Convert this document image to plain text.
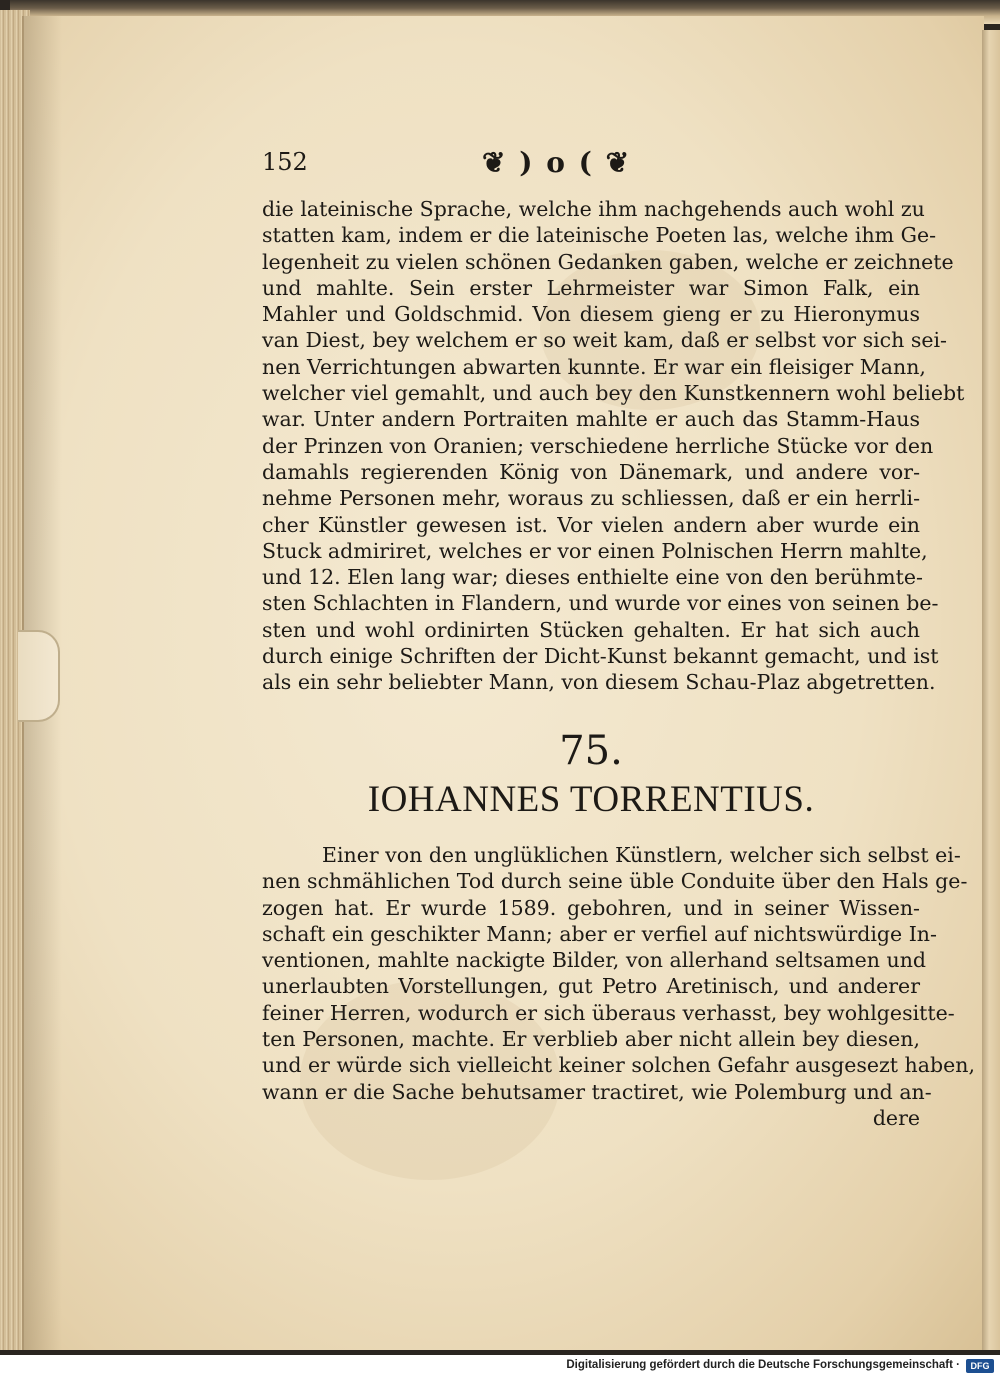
152	❦ ) o ( ❦
die lateinische Sprache, welche ihm nachgehends auch wohl zu
statten kam, indem er die lateinische Poeten las, welche ihm Ge-
legenheit zu vielen schönen Gedanken gaben, welche er zeichnete
und mahlte. Sein erster Lehrmeister war Simon Falk, ein
Mahler und Goldschmid. Von diesem gieng er zu Hieronymus
van Diest, bey welchem er so weit kam, daß er selbst vor sich sei-
nen Verrichtungen abwarten kunnte. Er war ein fleisiger Mann,
welcher viel gemahlt, und auch bey den Kunstkennern wohl beliebt
war. Unter andern Portraiten mahlte er auch das Stamm-Haus
der Prinzen von Oranien; verschiedene herrliche Stücke vor den
damahls regierenden König von Dänemark, und andere vor-
nehme Personen mehr, woraus zu schliessen, daß er ein herrli-
cher Künstler gewesen ist. Vor vielen andern aber wurde ein
Stuck admiriret, welches er vor einen Polnischen Herrn mahlte,
und 12. Elen lang war; dieses enthielte eine von den berühmte-
sten Schlachten in Flandern, und wurde vor eines von seinen be-
sten und wohl ordinirten Stücken gehalten. Er hat sich auch
durch einige Schriften der Dicht-Kunst bekannt gemacht, und ist
als ein sehr beliebter Mann, von diesem Schau-Plaz abgetretten.
75.
IOHANNES TORRENTIUS.
Einer von den unglüklichen Künstlern, welcher sich selbst ei-
nen schmählichen Tod durch seine üble Conduite über den Hals ge-
zogen hat. Er wurde 1589. gebohren, und in seiner Wissen-
schaft ein geschikter Mann; aber er verfiel auf nichtswürdige In-
ventionen, mahlte nackigte Bilder, von allerhand seltsamen und
unerlaubten Vorstellungen, gut Petro Aretinisch, und anderer
feiner Herren, wodurch er sich überaus verhasst, bey wohlgesitte-
ten Personen, machte. Er verblieb aber nicht allein bey diesen,
und er würde sich vielleicht keiner solchen Gefahr ausgesezt haben,
wann er die Sache behutsamer tractiret, wie Polemburg und an-
dere
Digitalisierung gefördert durch die Deutsche Forschungsgemeinschaft ·	DFG
